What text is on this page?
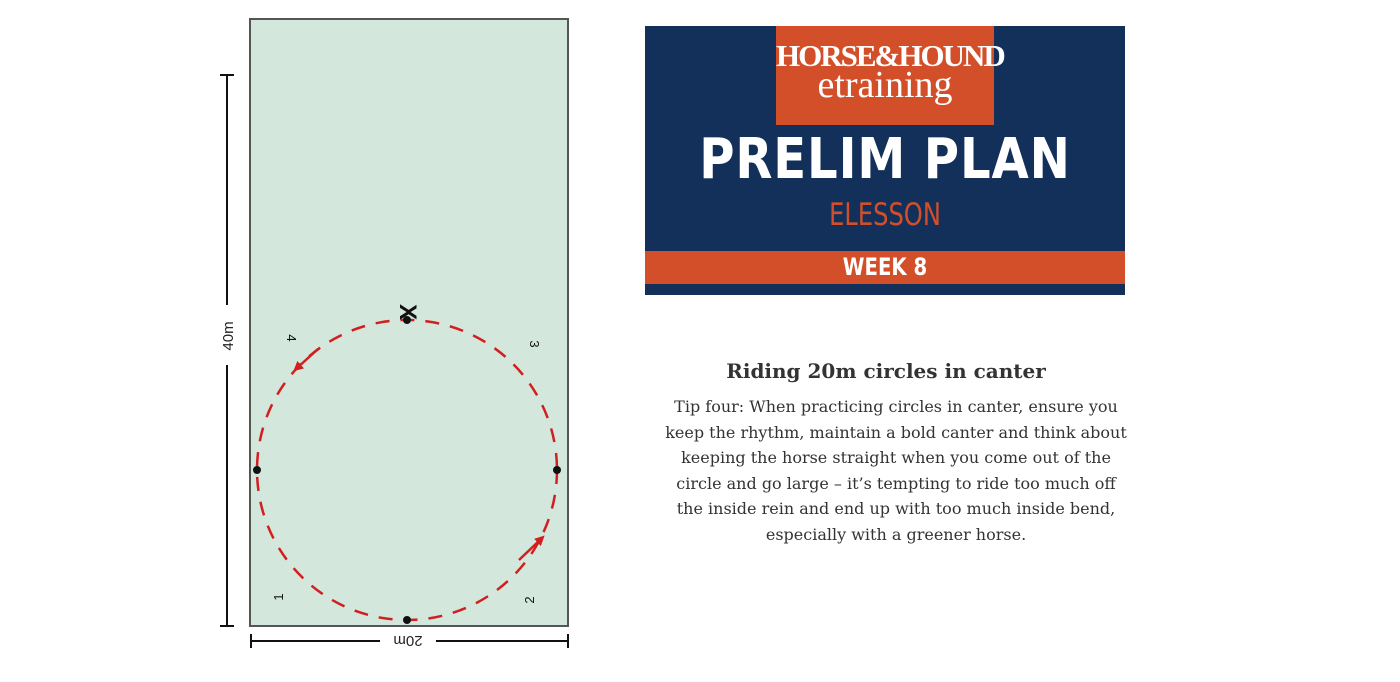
40m
20m
X
1	2
3
4
HORSE&HOUND
etraining
PRELIM PLAN
ELESSON
WEEK 8
Riding 20m circles in canter
Tip four: When practicing circles in canter, ensure you keep the rhythm, maintain a bold canter and think about keeping the horse straight when you come out of the circle and go large – it’s tempting to ride too much off the inside rein and end up with too much inside bend, especially with a greener horse.
